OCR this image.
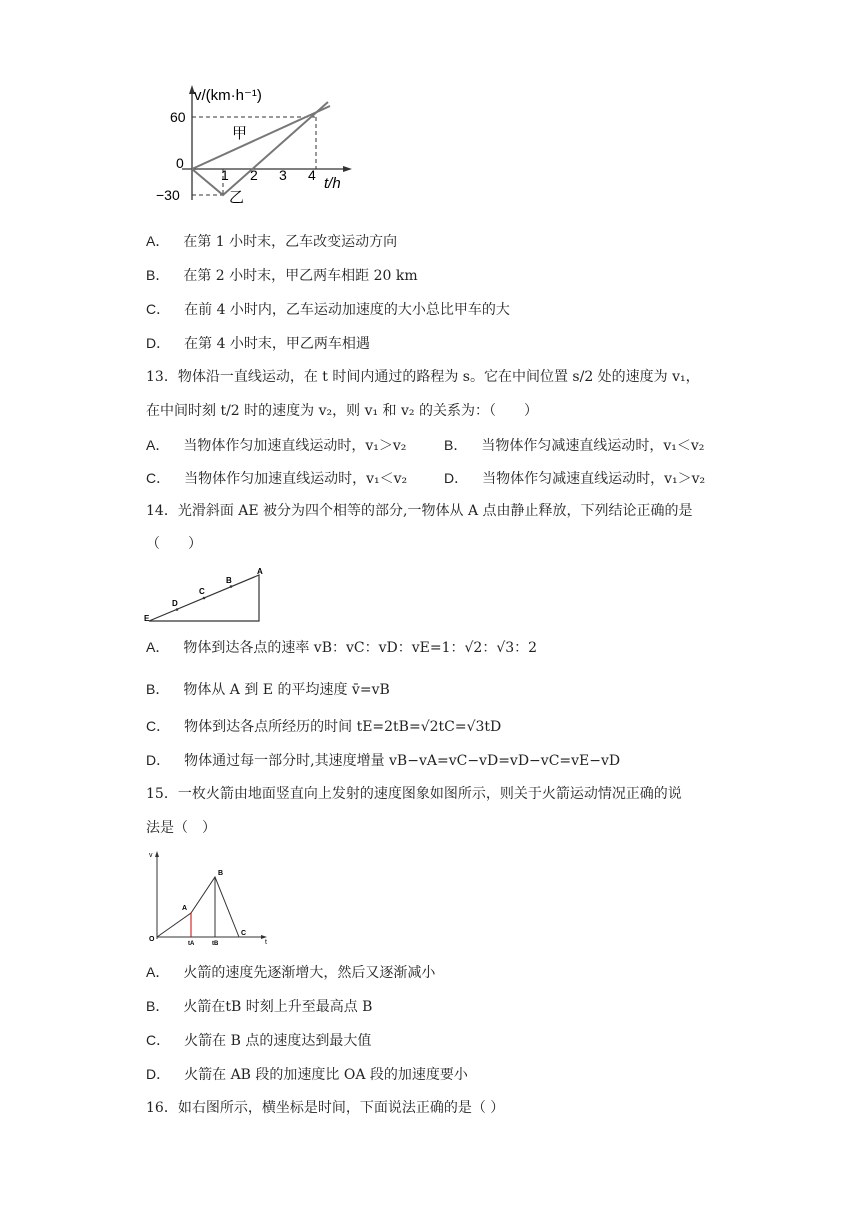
v/(km·h⁻¹)
60
0
−30
1 2 3 4 t/h
甲
乙
A． 在第 1 小时末，乙车改变运动方向
B． 在第 2 小时末，甲乙两车相距 20 km
C． 在前 4 小时内，乙车运动加速度的大小总比甲车的大
D． 在第 4 小时末，甲乙两车相遇
13．物体沿一直线运动，在 t 时间内通过的路程为 s。它在中间位置 s/2 处的速度为 v₁，
在中间时刻 t/2 时的速度为 v₂，则 v₁ 和 v₂ 的关系为：（　　）
A． 当物体作匀加速直线运动时，v₁＞v₂	B． 当物体作匀减速直线运动时，v₁＜v₂
C． 当物体作匀加速直线运动时，v₁＜v₂	D． 当物体作匀减速直线运动时，v₁＞v₂
14．光滑斜面 AE 被分为四个相等的部分,一物体从 A 点由静止释放，下列结论正确的是
（　　）
A
B
C
D
E
A． 物体到达各点的速率 vB：vC：vD：vE=1：√2：√3：2
B． 物体从 A 到 E 的平均速度 v̄=vB
C． 物体到达各点所经历的时间 tE=2tB=√2tC=√3tD
D． 物体通过每一部分时,其速度增量 vB−vA=vC−vD=vD−vC=vE−vD
15．一枚火箭由地面竖直向上发射的速度图象如图所示，则关于火箭运动情况正确的说
法是（　）
v
t
O
A
B
C
tA	tB
A． 火箭的速度先逐渐增大，然后又逐渐减小
B． 火箭在tB 时刻上升至最高点 B
C． 火箭在 B 点的速度达到最大值
D． 火箭在 AB 段的加速度比 OA 段的加速度要小
16．如右图所示，横坐标是时间，下面说法正确的是（ ）
